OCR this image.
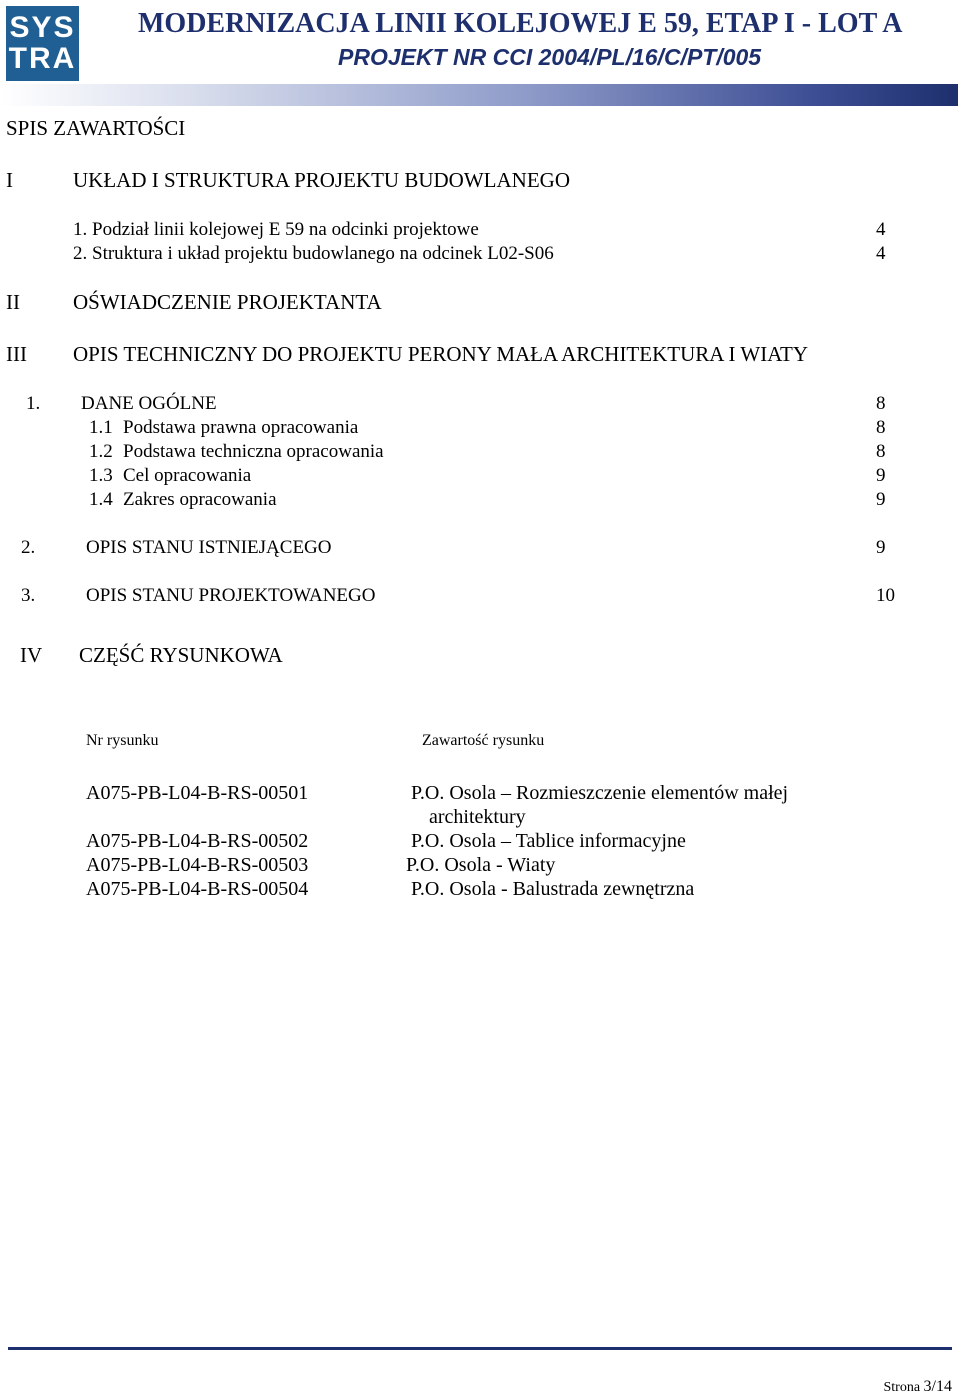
SYS
TRA
MODERNIZACJA LINII KOLEJOWEJ E 59, ETAP I - LOT A
PROJEKT NR CCI 2004/PL/16/C/PT/005
SPIS ZAWARTOŚCI
I	UKŁAD I STRUKTURA PROJEKTU BUDOWLANEGO
1. Podział linii kolejowej E 59 na odcinki projektowe	4
2. Struktura i układ projektu budowlanego na odcinek L02-S06	4
II	OŚWIADCZENIE PROJEKTANTA
III OPIS TECHNICZNY DO PROJEKTU PERONY MAŁA ARCHITEKTURA I WIATY
1. DANE OGÓLNE	8
1.1 Podstawa prawna opracowania	8
1.2 Podstawa techniczna opracowania	8
1.3 Cel opracowania	9
1.4 Zakres opracowania	9
2.	OPIS STANU ISTNIEJĄCEGO	9
3.	OPIS STANU PROJEKTOWANEGO	10
IV CZĘŚĆ RYSUNKOWA
Nr rysunku	Zawartość rysunku
A075-PB-L04-B-RS-00501	P.O. Osola – Rozmieszczenie elementów małej
architektury
A075-PB-L04-B-RS-00502	P.O. Osola – Tablice informacyjne
A075-PB-L04-B-RS-00503	P.O. Osola - Wiaty
A075-PB-L04-B-RS-00504	P.O. Osola - Balustrada zewnętrzna
Strona 3/14
